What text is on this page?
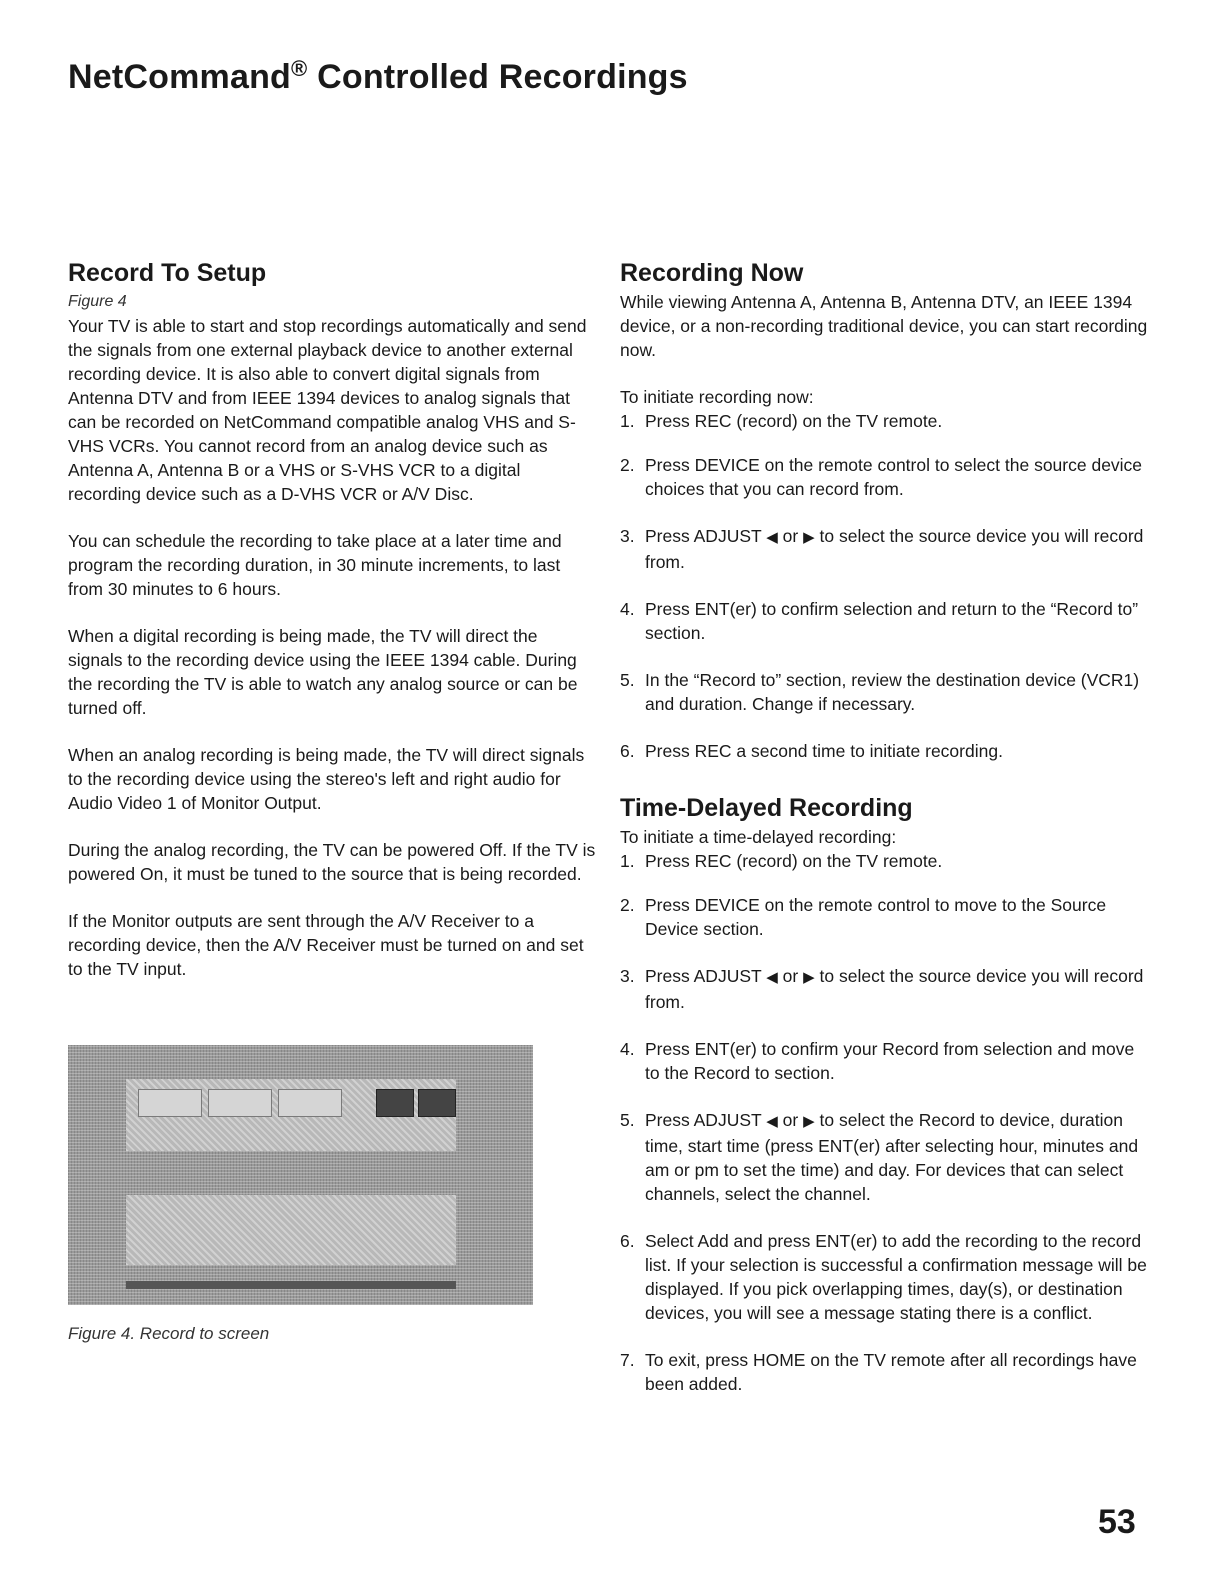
NetCommand® Controlled Recordings
Record To Setup

Figure 4

Your TV is able to start and stop recordings automatically and send the signals from one external playback device to another external recording device. It is also able to convert digital signals from Antenna DTV and from IEEE 1394 devices to analog signals that can be recorded on NetCommand compatible analog VHS and S-VHS VCRs. You cannot record from an analog device such as Antenna A, Antenna B or a VHS or S-VHS VCR to a digital recording device such as a D-VHS VCR or A/V Disc.

You can schedule the recording to take place at a later time and program the recording duration, in 30 minute increments, to last from 30 minutes to 6 hours.

When a digital recording is being made, the TV will direct the signals to the recording device using the IEEE 1394 cable. During the recording the TV is able to watch any analog source or can be turned off.

When an analog recording is being made, the TV will direct signals to the recording device using the stereo's left and right audio for Audio Video 1 of Monitor Output.

During the analog recording, the TV can be powered Off. If the TV is powered On, it must be tuned to the source that is being recorded.

If the Monitor outputs are sent through the A/V Receiver to a recording device, then the A/V Receiver must be turned on and set to the TV input.

Figure 4. Record to screen

Recording Now

While viewing Antenna A, Antenna B, Antenna DTV, an IEEE 1394 device, or a non-recording traditional device, you can start recording now.

To initiate recording now:

1. Press REC (record) on the TV remote.
2. Press DEVICE on the remote control to select the source device choices that you can record from.
3. Press ADJUST ◀ or ▶ to select the source device you will record from.
4. Press ENT(er) to confirm selection and return to the “Record to” section.
5. In the “Record to” section, review the destination device (VCR1) and duration. Change if necessary.
6. Press REC a second time to initiate recording.
Time-Delayed Recording

To initiate a time-delayed recording:

1. Press REC (record) on the TV remote.
2. Press DEVICE on the remote control to move to the Source Device section.
3. Press ADJUST ◀ or ▶ to select the source device you will record from.
4. Press ENT(er) to confirm your Record from selection and move to the Record to section.
5. Press ADJUST ◀ or ▶ to select the Record to device, duration time, start time (press ENT(er) after selecting hour, minutes and am or pm to set the time) and day. For devices that can select channels, select the channel.
6. Select Add and press ENT(er) to add the recording to the record list. If your selection is successful a confirmation message will be displayed. If you pick overlapping times, day(s), or destination devices, you will see a message stating there is a conflict.
7. To exit, press HOME on the TV remote after all recordings have been added.

53
